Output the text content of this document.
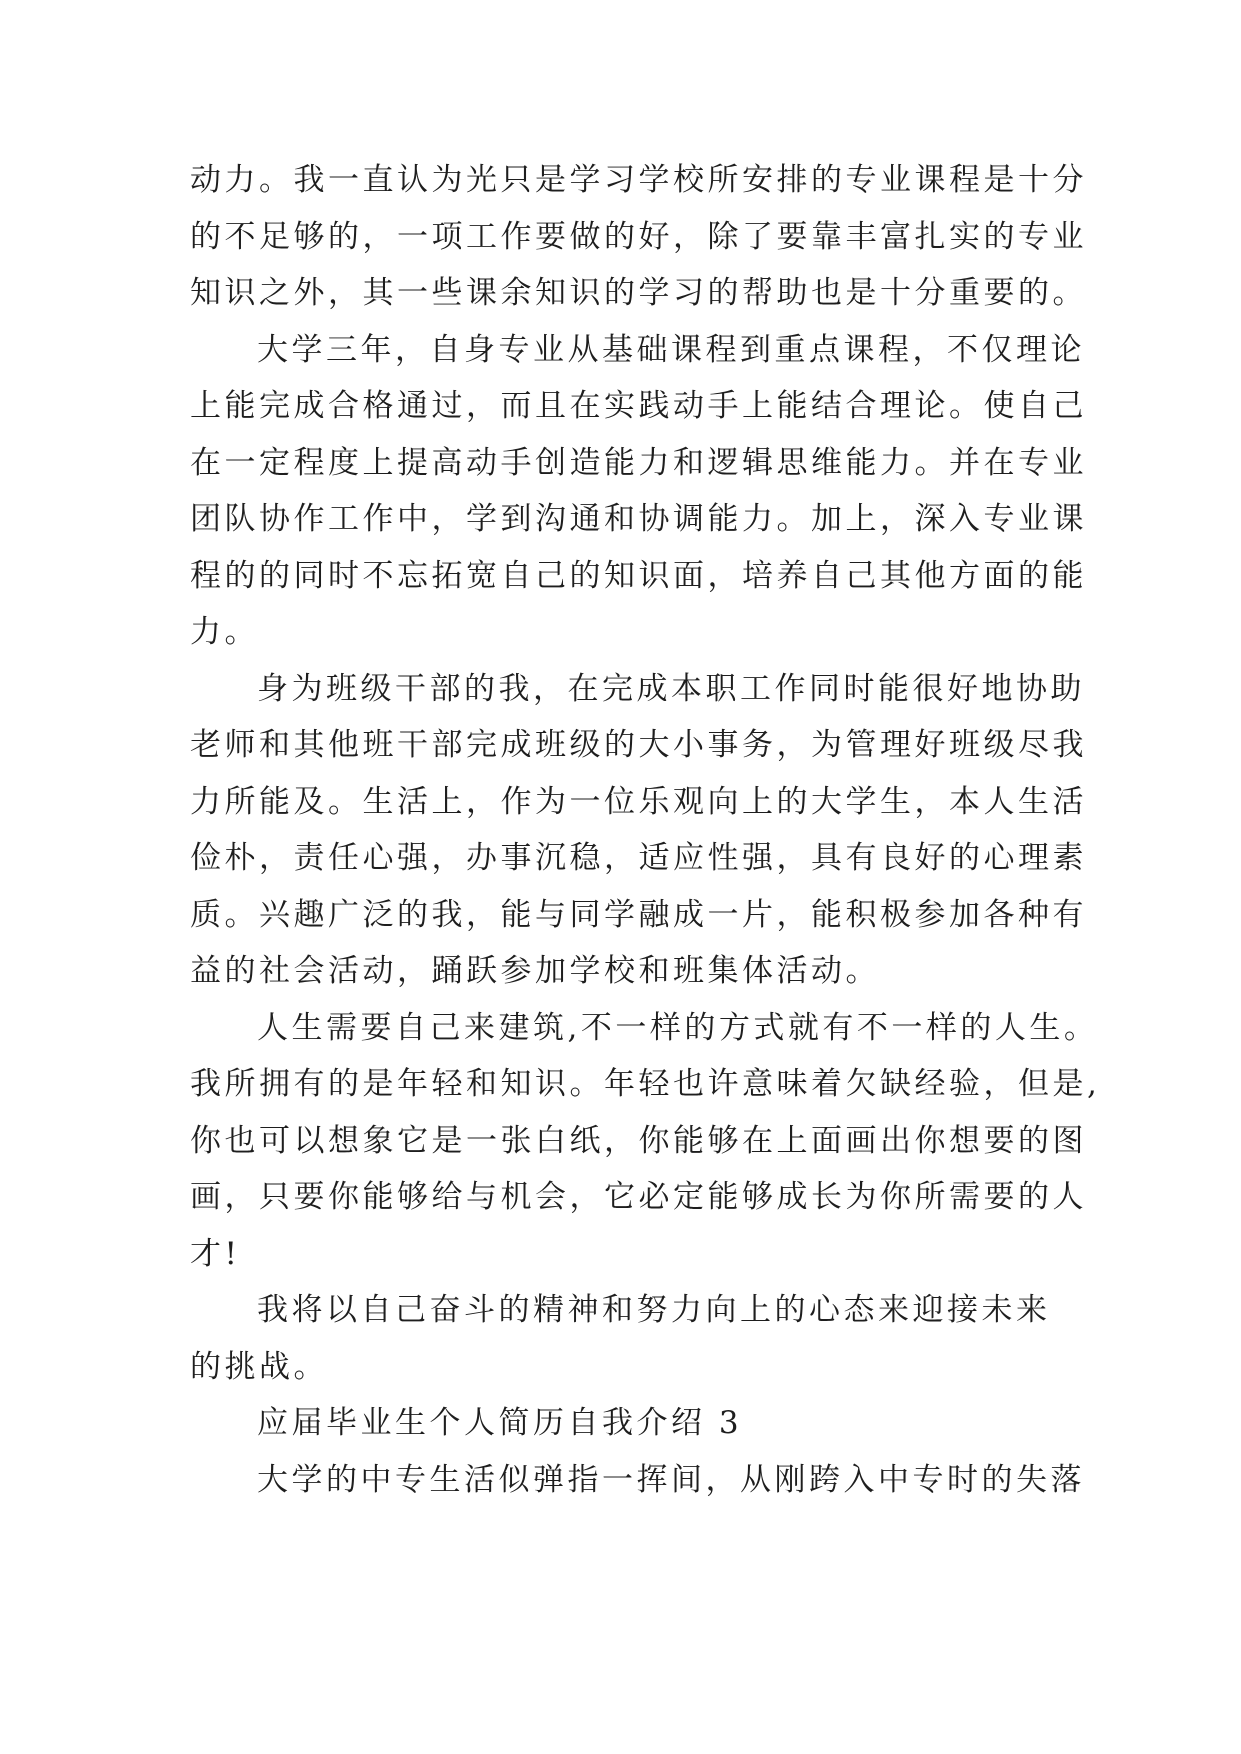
动力。我一直认为光只是学习学校所安排的专业课程是十分
的不足够的，一项工作要做的好，除了要靠丰富扎实的专业
知识之外，其一些课余知识的学习的帮助也是十分重要的。
大学三年，自身专业从基础课程到重点课程，不仅理论
上能完成合格通过，而且在实践动手上能结合理论。使自己
在一定程度上提高动手创造能力和逻辑思维能力。并在专业
团队协作工作中，学到沟通和协调能力。加上，深入专业课
程的的同时不忘拓宽自己的知识面，培养自己其他方面的能
力。
身为班级干部的我，在完成本职工作同时能很好地协助
老师和其他班干部完成班级的大小事务，为管理好班级尽我
力所能及。生活上，作为一位乐观向上的大学生，本人生活
俭朴，责任心强，办事沉稳，适应性强，具有良好的心理素
质。兴趣广泛的我，能与同学融成一片，能积极参加各种有
益的社会活动，踊跃参加学校和班集体活动。
人生需要自己来建筑,不一样的方式就有不一样的人生。
我所拥有的是年轻和知识。年轻也许意味着欠缺经验，但是,
你也可以想象它是一张白纸，你能够在上面画出你想要的图
画，只要你能够给与机会，它必定能够成长为你所需要的人
才!
我将以自己奋斗的精神和努力向上的心态来迎接未来
的挑战。
应届毕业生个人简历自我介绍 3
大学的中专生活似弹指一挥间，从刚跨入中专时的失落
